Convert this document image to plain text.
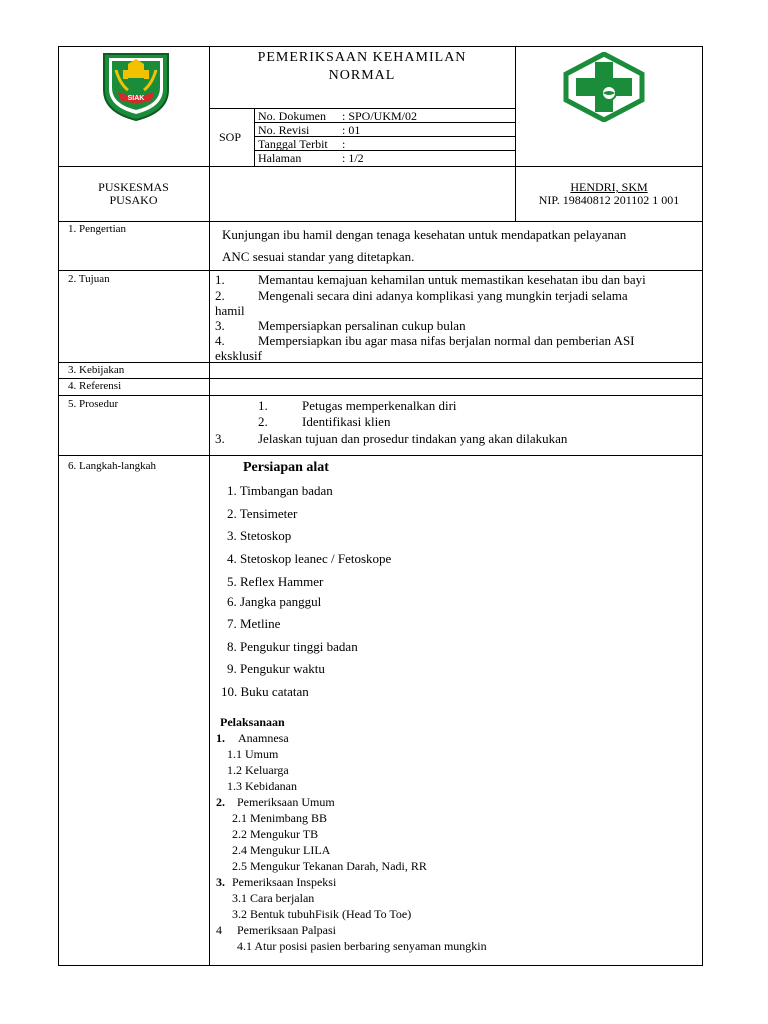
SIAK
PEMERIKSAAN KEHAMILAN
NORMAL
SOP
No. Dokumen : SPO/UKM/02
No. Revisi	: 01
Tanggal Terbit :
Halaman	: 1/2
PUSKESMAS
PUSAKO
HENDRI, SKM
NIP. 19840812 201102 1 001
1. Pengertian	Kunjungan ibu hamil dengan tenaga kesehatan untuk mendapatkan pelayanan
ANC sesuai standar yang ditetapkan.
2. Tujuan	1.	Memantau kemajuan kehamilan untuk memastikan kesehatan ibu dan bayi
2.	Mengenali secara dini adanya komplikasi yang mungkin terjadi selama
hamil
3.	Mempersiapkan persalinan cukup bulan
4.	Mempersiapkan ibu agar masa nifas berjalan normal dan pemberian ASI
eksklusif
3. Kebijakan
4. Referensi
5. Prosedur	1.	Petugas memperkenalkan diri
2.	Identifikasi klien
3.	Jelaskan tujuan dan prosedur tindakan yang akan dilakukan
6. Langkah-langkah	Persiapan alat
1. Timbangan badan
2. Tensimeter
3. Stetoskop
4. Stetoskop leanec / Fetoskope
5. Reflex Hammer
6. Jangka panggul
7. Metline
8. Pengukur tinggi badan
9. Pengukur waktu
10. Buku catatan
Pelaksanaan
1. Anamnesa
1.1 Umum
1.2 Keluarga
1.3 Kebidanan
2. Pemeriksaan Umum
2.1 Menimbang BB
2.2 Mengukur TB
2.4 Mengukur LILA
2.5 Mengukur Tekanan Darah, Nadi, RR
3. Pemeriksaan Inspeksi
3.1 Cara berjalan
3.2 Bentuk tubuhFisik (Head To Toe)
4 Pemeriksaan Palpasi
4.1 Atur posisi pasien berbaring senyaman mungkin
